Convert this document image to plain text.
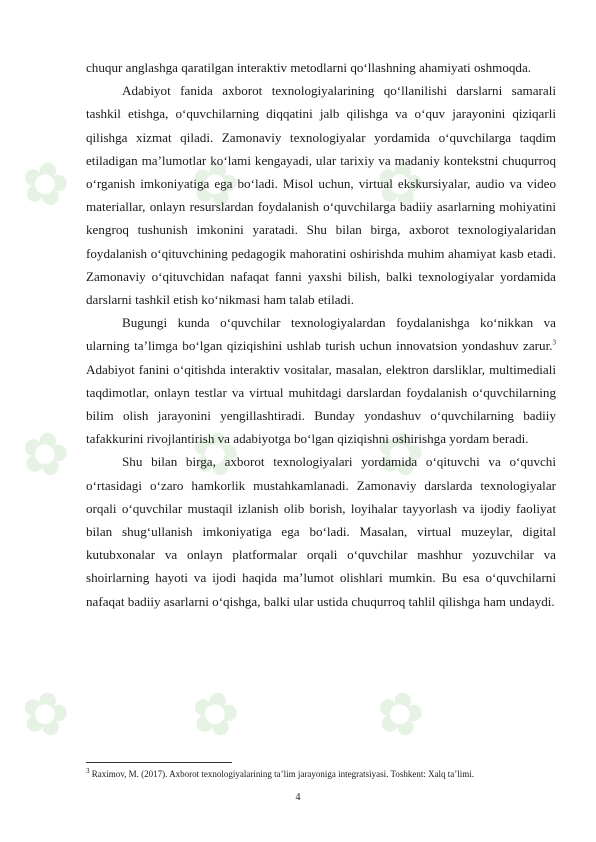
✿ ✿ ✿
✿ ✿ ✿
✿ ✿ ✿

chuqur anglashga qaratilgan interaktiv metodlarni qo‘llashning ahamiyati oshmoqda.

Adabiyot fanida axborot texnologiyalarining qo‘llanilishi darslarni samarali tashkil etishga, o‘quvchilarning diqqatini jalb qilishga va o‘quv jarayonini qiziqarli qilishga xizmat qiladi. Zamonaviy texnologiyalar yordamida o‘quvchilarga taqdim etiladigan ma’lumotlar ko‘lami kengayadi, ular tarixiy va madaniy kontekstni chuqurroq o‘rganish imkoniyatiga ega bo‘ladi. Misol uchun, virtual ekskursiyalar, audio va video materiallar, onlayn resurslardan foydalanish o‘quvchilarga badiiy asarlarning mohiyatini kengroq tushunish imkonini yaratadi. Shu bilan birga, axborot texnologiyalaridan foydalanish o‘qituvchining pedagogik mahoratini oshirishda muhim ahamiyat kasb etadi. Zamonaviy o‘qituvchidan nafaqat fanni yaxshi bilish, balki texnologiyalar yordamida darslarni tashkil etish ko‘nikmasi ham talab etiladi.

Bugungi kunda o‘quvchilar texnologiyalardan foydalanishga ko‘nikkan va ularning ta’limga bo‘lgan qiziqishini ushlab turish uchun innovatsion yondashuv zarur.$^3$ Adabiyot fanini o‘qitishda interaktiv vositalar, masalan, elektron darsliklar, multimediali taqdimotlar, onlayn testlar va virtual muhitdagi darslardan foydalanish o‘quvchilarning bilim olish jarayonini yengillashtiradi. Bunday yondashuv o‘quvchilarning badiiy tafakkurini rivojlantirish va adabiyotga bo‘lgan qiziqishni oshirishga yordam beradi.

Shu bilan birga, axborot texnologiyalari yordamida o‘qituvchi va o‘quvchi o‘rtasidagi o‘zaro hamkorlik mustahkamlanadi. Zamonaviy darslarda texnologiyalar orqali o‘quvchilar mustaqil izlanish olib borish, loyihalar tayyorlash va ijodiy faoliyat bilan shug‘ullanish imkoniyatiga ega bo‘ladi. Masalan, virtual muzeylar, digital kutubxonalar va onlayn platformalar orqali o‘quvchilar mashhur yozuvchilar va shoirlarning hayoti va ijodi haqida ma’lumot olishlari mumkin. Bu esa o‘quvchilarni nafaqat badiiy asarlarni o‘qishga, balki ular ustida chuqurroq tahlil qilishga ham undaydi.

$^3$ Raximov, M. (2017). Axborot texnologiyalarining ta’lim jarayoniga integratsiyasi. Toshkent: Xalq ta’limi.
4
